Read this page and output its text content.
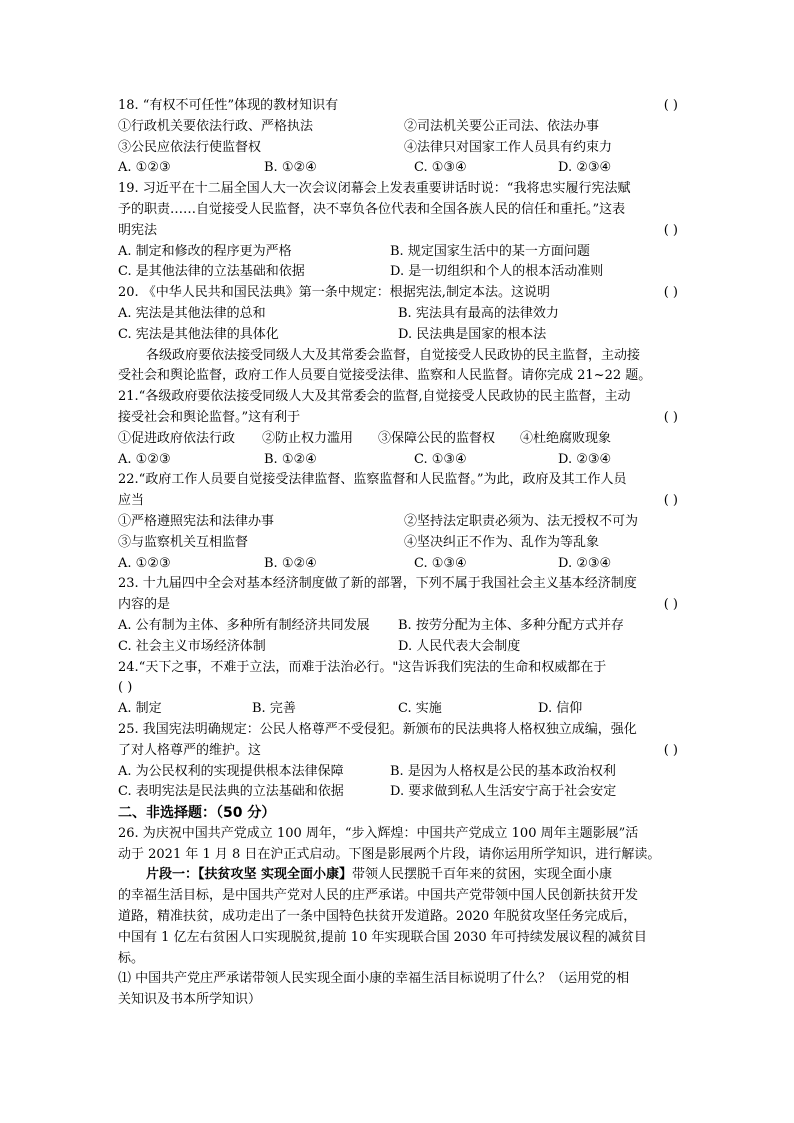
18. “有权不可任性”体现的教材知识有	( )
①行政机关要依法行政、严格执法	②司法机关要公正司法、依法办事
③公民应依法行使监督权	④法律只对国家工作人员具有约束力
A. ①②③	B. ①②④	C. ①③④	D. ②③④
19. 习近平在十二届全国人大一次会议闭幕会上发表重要讲话时说：“我将忠实履行宪法赋
予的职责……自觉接受人民监督，决不辜负各位代表和全国各族人民的信任和重托。”这表
明宪法	( )
A. 制定和修改的程序更为严格	B. 规定国家生活中的某一方面问题
C. 是其他法律的立法基础和依据	D. 是一切组织和个人的根本活动准则
20. 《中华人民共和国民法典》第一条中规定：根据宪法,制定本法。这说明	( )
A. 宪法是其他法律的总和	B. 宪法具有最高的法律效力
C. 宪法是其他法律的具体化	D. 民法典是国家的根本法
各级政府要依法接受同级人大及其常委会监督，自觉接受人民政协的民主监督，主动接
受社会和舆论监督，政府工作人员要自觉接受法律、监察和人民监督。请你完成 21~22 题。
21.“各级政府要依法接受同级人大及其常委会的监督,自觉接受人民政协的民主监督，主动
接受社会和舆论监督。”这有利于	( )
①促进政府依法行政 ②防止权力滥用 ③保障公民的监督权 ④杜绝腐败现象
A. ①②③	B. ①②④	C. ①③④	D. ②③④
22.“政府工作人员要自觉接受法律监督、监察监督和人民监督。”为此，政府及其工作人员
应当	( )
①严格遵照宪法和法律办事	②坚持法定职责必须为、法无授权不可为
③与监察机关互相监督	④坚决纠正不作为、乱作为等乱象
A. ①②③	B. ①②④	C. ①③④	D. ②③④
23. 十九届四中全会对基本经济制度做了新的部署，下列不属于我国社会主义基本经济制度
内容的是	( )
A. 公有制为主体、多种所有制经济共同发展 B. 按劳分配为主体、多种分配方式并存
C. 社会主义市场经济体制	D. 人民代表大会制度
24.“天下之事，不难于立法，而难于法治必行。"这告诉我们宪法的生命和权威都在于
( )
A. 制定	B. 完善	C. 实施	D. 信仰
25. 我国宪法明确规定：公民人格尊严不受侵犯。新颁布的民法典将人格权独立成编，强化
了对人格尊严的维护。这	( )
A. 为公民权利的实现提供根本法律保障	B. 是因为人格权是公民的基本政治权利
C. 表明宪法是民法典的立法基础和依据	D. 要求做到私人生活安宁高于社会安定
二、非选择题：（50 分）
26. 为庆祝中国共产党成立 100 周年，“步入辉煌：中国共产党成立 100 周年主题影展”活
动于 2021 年 1 月 8 日在沪正式启动。下图是影展两个片段，请你运用所学知识，进行解读。
片段一：【扶贫攻坚 实现全面小康】带领人民摆脱千百年来的贫困，实现全面小康
的幸福生活目标，是中国共产党对人民的庄严承诺。中国共产党带领中国人民创新扶贫开发
道路，精准扶贫，成功走出了一条中国特色扶贫开发道路。2020 年脱贫攻坚任务完成后，
中国有 1 亿左右贫困人口实现脱贫,提前 10 年实现联合国 2030 年可持续发展议程的减贫目
标。
⑴ 中国共产党庄严承诺带领人民实现全面小康的幸福生活目标说明了什么？（运用党的相
关知识及书本所学知识）
